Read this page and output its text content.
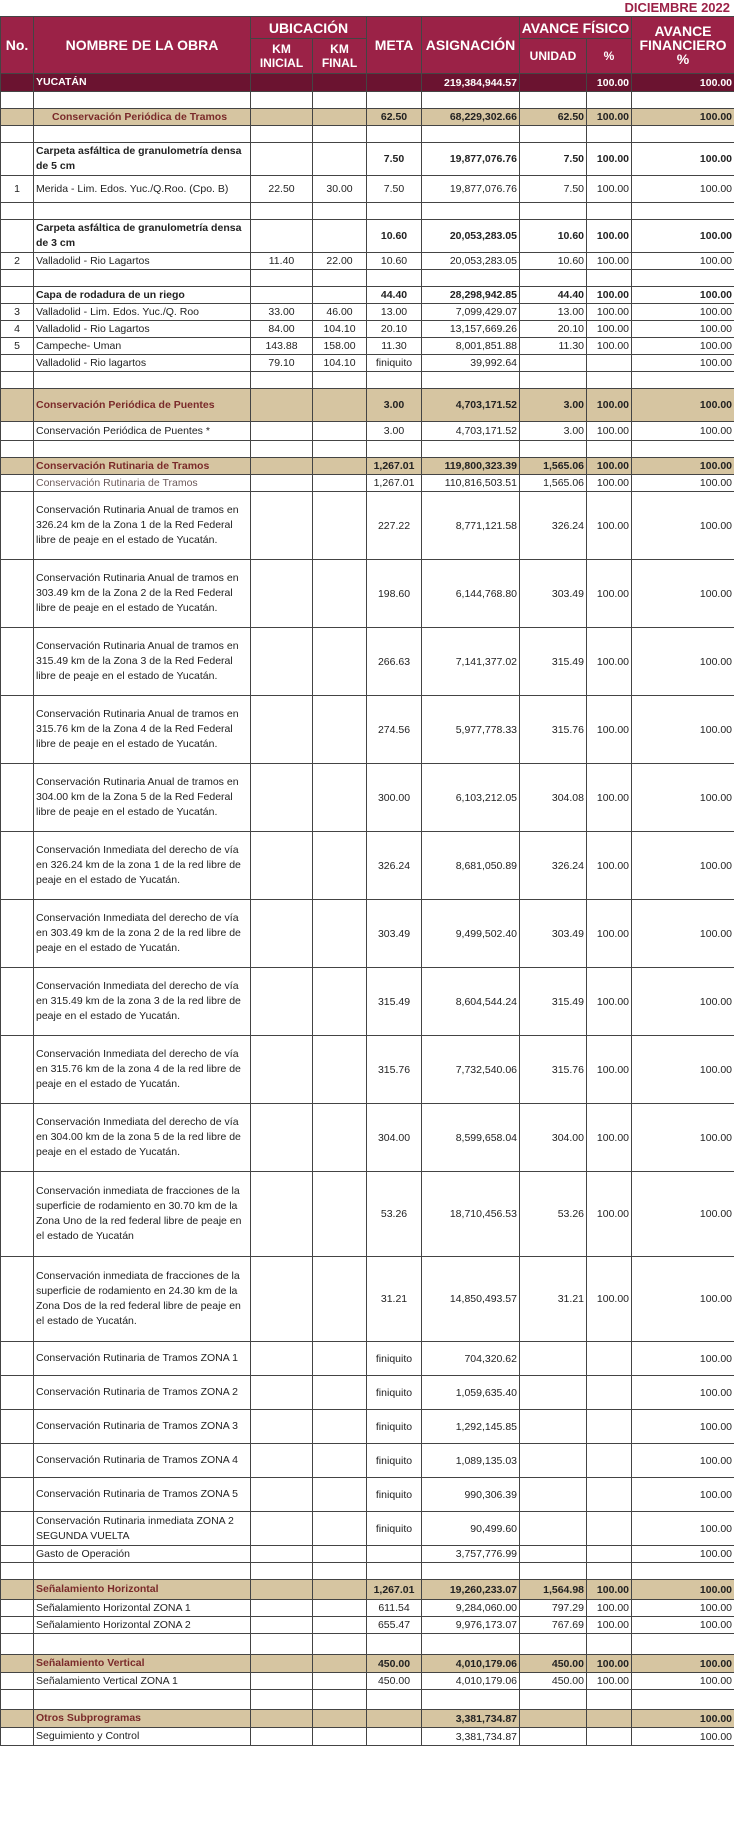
DICIEMBRE 2022
No.	NOMBRE DE LA OBRA	UBICACIÓN		META	ASIGNACIÓN	AVANCE FÍSICO		AVANCE FINANCIERO %
		KM INICIAL	KM FINAL			UNIDAD	%	
	YUCATÁN				219,384,944.57		100.00	100.00

	Conservación Periódica de Tramos			62.50	68,229,302.66	62.50	100.00	100.00

	Carpeta asfáltica de granulometría densa de 5 cm			7.50	19,877,076.76	7.50	100.00	100.00
1	Merida - Lim. Edos. Yuc./Q.Roo. (Cpo. B)	22.50	30.00	7.50	19,877,076.76	7.50	100.00	100.00

	Carpeta asfáltica de granulometría densa de 3 cm			10.60	20,053,283.05	10.60	100.00	100.00
2	Valladolid - Rio Lagartos	11.40	22.00	10.60	20,053,283.05	10.60	100.00	100.00

	Capa de rodadura de un riego			44.40	28,298,942.85	44.40	100.00	100.00
3	Valladolid - Lim. Edos. Yuc./Q. Roo	33.00	46.00	13.00	7,099,429.07	13.00	100.00	100.00
4	Valladolid - Rio Lagartos	84.00	104.10	20.10	13,157,669.26	20.10	100.00	100.00
5	Campeche- Uman	143.88	158.00	11.30	8,001,851.88	11.30	100.00	100.00
	Valladolid - Rio lagartos	79.10	104.10	finiquito	39,992.64			100.00

	Conservación Periódica de Puentes			3.00	4,703,171.52	3.00	100.00	100.00
	Conservación Periódica de Puentes *			3.00	4,703,171.52	3.00	100.00	100.00

	Conservación Rutinaria de Tramos			1,267.01	119,800,323.39	1,565.06	100.00	100.00
	Conservación Rutinaria de Tramos			1,267.01	110,816,503.51	1,565.06	100.00	100.00
	Conservación Rutinaria Anual de tramos en 326.24 km de la Zona 1 de la Red Federal libre de peaje en el estado de Yucatán.			227.22	8,771,121.58	326.24	100.00	100.00
	Conservación Rutinaria Anual de tramos en 303.49 km de la Zona 2 de la Red Federal libre de peaje en el estado de Yucatán.			198.60	6,144,768.80	303.49	100.00	100.00
	Conservación Rutinaria Anual de tramos en 315.49 km de la Zona 3 de la Red Federal libre de peaje en el estado de Yucatán.			266.63	7,141,377.02	315.49	100.00	100.00
	Conservación Rutinaria Anual de tramos en 315.76 km de la Zona 4 de la Red Federal libre de peaje en el estado de Yucatán.			274.56	5,977,778.33	315.76	100.00	100.00
	Conservación Rutinaria Anual de tramos en 304.00 km de la Zona 5 de la Red Federal libre de peaje en el estado de Yucatán.			300.00	6,103,212.05	304.08	100.00	100.00
	Conservación Inmediata del derecho de vía en 326.24 km de la zona 1 de la red libre de peaje en el estado de Yucatán.			326.24	8,681,050.89	326.24	100.00	100.00
	Conservación Inmediata del derecho de vía en 303.49 km de la zona 2 de la red libre de peaje en el estado de Yucatán.			303.49	9,499,502.40	303.49	100.00	100.00
	Conservación Inmediata del derecho de vía en 315.49 km de la zona 3 de la red libre de peaje en el estado de Yucatán.			315.49	8,604,544.24	315.49	100.00	100.00
	Conservación Inmediata del derecho de vía en 315.76 km de la zona 4 de la red libre de peaje en el estado de Yucatán.			315.76	7,732,540.06	315.76	100.00	100.00
	Conservación Inmediata del derecho de vía en 304.00 km de la zona 5 de la red libre de peaje en el estado de Yucatán.			304.00	8,599,658.04	304.00	100.00	100.00
	Conservación inmediata de fracciones de la superficie de rodamiento en 30.70 km de la Zona Uno de la red federal libre de peaje en el estado de Yucatán			53.26	18,710,456.53	53.26	100.00	100.00
	Conservación inmediata de fracciones de la superficie de rodamiento en 24.30 km de la Zona Dos de la red federal libre de peaje en el estado de Yucatán.			31.21	14,850,493.57	31.21	100.00	100.00
	Conservación Rutinaria de Tramos ZONA 1			finiquito	704,320.62			100.00
	Conservación Rutinaria de Tramos ZONA 2			finiquito	1,059,635.40			100.00
	Conservación Rutinaria de Tramos ZONA 3			finiquito	1,292,145.85			100.00
	Conservación Rutinaria de Tramos ZONA 4			finiquito	1,089,135.03			100.00
	Conservación Rutinaria de Tramos ZONA 5			finiquito	990,306.39			100.00
	Conservación Rutinaria inmediata ZONA 2 SEGUNDA VUELTA			finiquito	90,499.60			100.00
	Gasto de Operación				3,757,776.99			100.00

	Señalamiento Horizontal			1,267.01	19,260,233.07	1,564.98	100.00	100.00
	Señalamiento Horizontal ZONA 1			611.54	9,284,060.00	797.29	100.00	100.00
	Señalamiento Horizontal ZONA 2			655.47	9,976,173.07	767.69	100.00	100.00

	Señalamiento Vertical			450.00	4,010,179.06	450.00	100.00	100.00
	Señalamiento Vertical ZONA 1			450.00	4,010,179.06	450.00	100.00	100.00

	Otros Subprogramas				3,381,734.87			100.00
	Seguimiento y Control				3,381,734.87			100.00
